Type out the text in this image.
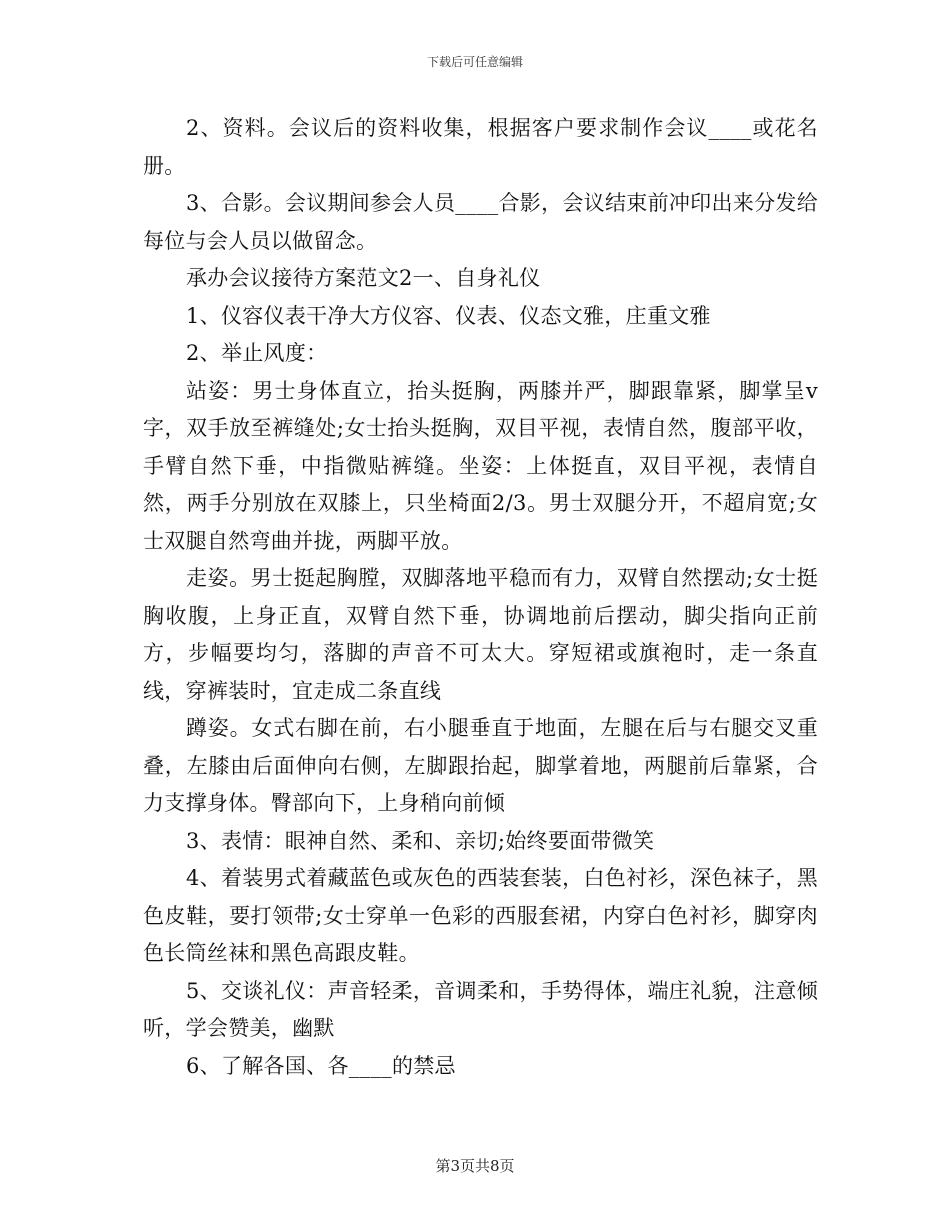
下载后可任意编辑

2、资料。会议后的资料收集，根据客户要求制作会议____或花名册。

3、合影。会议期间参会人员____合影，会议结束前冲印出来分发给每位与会人员以做留念。

承办会议接待方案范文2一、自身礼仪

1、仪容仪表干净大方仪容、仪表、仪态文雅，庄重文雅

2、举止风度：

站姿：男士身体直立，抬头挺胸，两膝并严，脚跟靠紧，脚掌呈v字，双手放至裤缝处;女士抬头挺胸，双目平视，表情自然，腹部平收，手臂自然下垂，中指微贴裤缝。坐姿：上体挺直，双目平视，表情自然，两手分别放在双膝上，只坐椅面2/3。男士双腿分开，不超肩宽;女士双腿自然弯曲并拢，两脚平放。

走姿。男士挺起胸膛，双脚落地平稳而有力，双臂自然摆动;女士挺胸收腹，上身正直，双臂自然下垂，协调地前后摆动，脚尖指向正前方，步幅要均匀，落脚的声音不可太大。穿短裙或旗袍时，走一条直线，穿裤装时，宜走成二条直线

蹲姿。女式右脚在前，右小腿垂直于地面，左腿在后与右腿交叉重叠，左膝由后面伸向右侧，左脚跟抬起，脚掌着地，两腿前后靠紧，合力支撑身体。臀部向下，上身稍向前倾

3、表情：眼神自然、柔和、亲切;始终要面带微笑

4、着装男式着藏蓝色或灰色的西装套装，白色衬衫，深色袜子，黑色皮鞋，要打领带;女士穿单一色彩的西服套裙，内穿白色衬衫，脚穿肉色长筒丝袜和黑色高跟皮鞋。

5、交谈礼仪：声音轻柔，音调柔和，手势得体，端庄礼貌，注意倾听，学会赞美，幽默

6、了解各国、各____的禁忌

第3页共8页
